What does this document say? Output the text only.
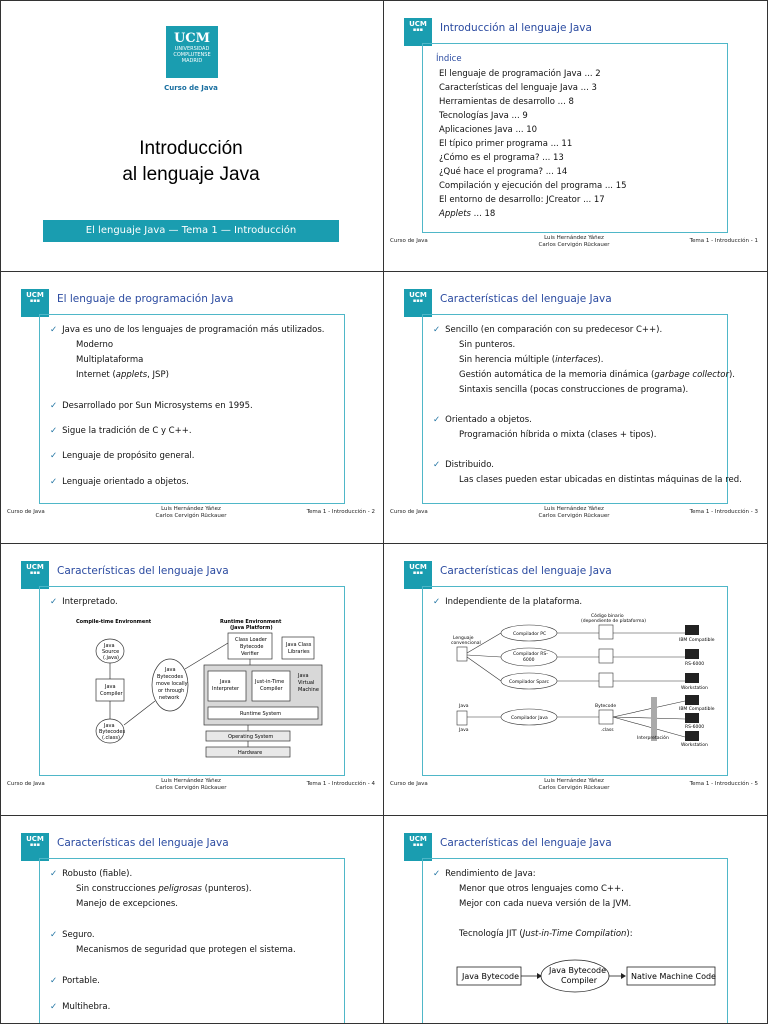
UCM
UNIVERSIDAD
COMPLUTENSE
MADRID
Curso de Java
Introducción
al lenguaje Java
El lenguaje Java — Tema 1 — Introducción
UCM
▪▪▪	Introducción al lenguaje Java
Índice
El lenguaje de programación Java ... 2
Características del lenguaje Java ... 3
Herramientas de desarrollo ... 8
Tecnologías Java ... 9
Aplicaciones Java ... 10
El típico primer programa ... 11
¿Cómo es el programa? ... 13
¿Qué hace el programa? ... 14
Compilación y ejecución del programa ... 15
El entorno de desarrollo: JCreator ... 17
Applets ... 18
Curso de Java	Luis Hernández Yáñez
Carlos Cervigón Rückauer
Tema 1 - Introducción - 1
UCM
▪▪▪	El lenguaje de programación Java
✓ Java es uno de los lenguajes de programación más utilizados.
Moderno
Multiplataforma
Internet (applets, JSP)
✓ Desarrollado por Sun Microsystems en 1995.
✓ Sigue la tradición de C y C++.
✓ Lenguaje de propósito general.
✓ Lenguaje orientado a objetos.
Curso de Java	Luis Hernández Yáñez
Carlos Cervigón Rückauer
Tema 1 - Introducción - 2
UCM
▪▪▪	Características del lenguaje Java
✓ Sencillo (en comparación con su predecesor C++).
Sin punteros.
Sin herencia múltiple (interfaces).
Gestión automática de la memoria dinámica (garbage collector).
Sintaxis sencilla (pocas construcciones de programa).
✓ Orientado a objetos.
Programación híbrida o mixta (clases + tipos).
✓ Distribuido.
Las clases pueden estar ubicadas en distintas máquinas de la red.
Curso de Java	Luis Hernández Yáñez
Carlos Cervigón Rückauer
Tema 1 - Introducción - 3
UCM
▪▪▪	Características del lenguaje Java
✓ Interpretado.
Compile-time Environment	Runtime Environment
(Java Platform)
Java
Source
(.java)
Java
Compiler
Java
Bytecodes
(.class)
Java
Bytecodes
move locally
or through
network
Class Loader
Bytecode
Verifier
Java Class
Libraries
Java
Interpreter
Just-in-Time
Compiler
Java
Virtual
Machine
Runtime System
Operating System
Hardware
Curso de Java	Luis Hernández Yáñez
Carlos Cervigón Rückauer
Tema 1 - Introducción - 4
UCM
▪▪▪	Características del lenguaje Java
✓ Independiente de la plataforma.
Código binario
(dependiente de plataforma)
Lenguaje
convencional
Compilador PC
Compilador RS-
6000
Compilador Sparc
IBM Compatible
RS-6000
Workstation
Java
Java
Compilador Java
Bytecode
.class
Interpretación
IBM Compatible
RS-6000
Workstation
Curso de Java	Luis Hernández Yáñez
Carlos Cervigón Rückauer
Tema 1 - Introducción - 5
UCM
▪▪▪	Características del lenguaje Java
✓ Robusto (fiable).
Sin construcciones peligrosas (punteros).
Manejo de excepciones.
✓ Seguro.
Mecanismos de seguridad que protegen el sistema.
✓ Portable.
✓ Multihebra.
UCM
▪▪▪	Características del lenguaje Java
✓ Rendimiento de Java:
Menor que otros lenguajes como C++.
Mejor con cada nueva versión de la JVM.
Tecnología JIT (Just-in-Time Compilation):
Java Bytecode
Java Bytecode
Compiler	Native Machine Code
